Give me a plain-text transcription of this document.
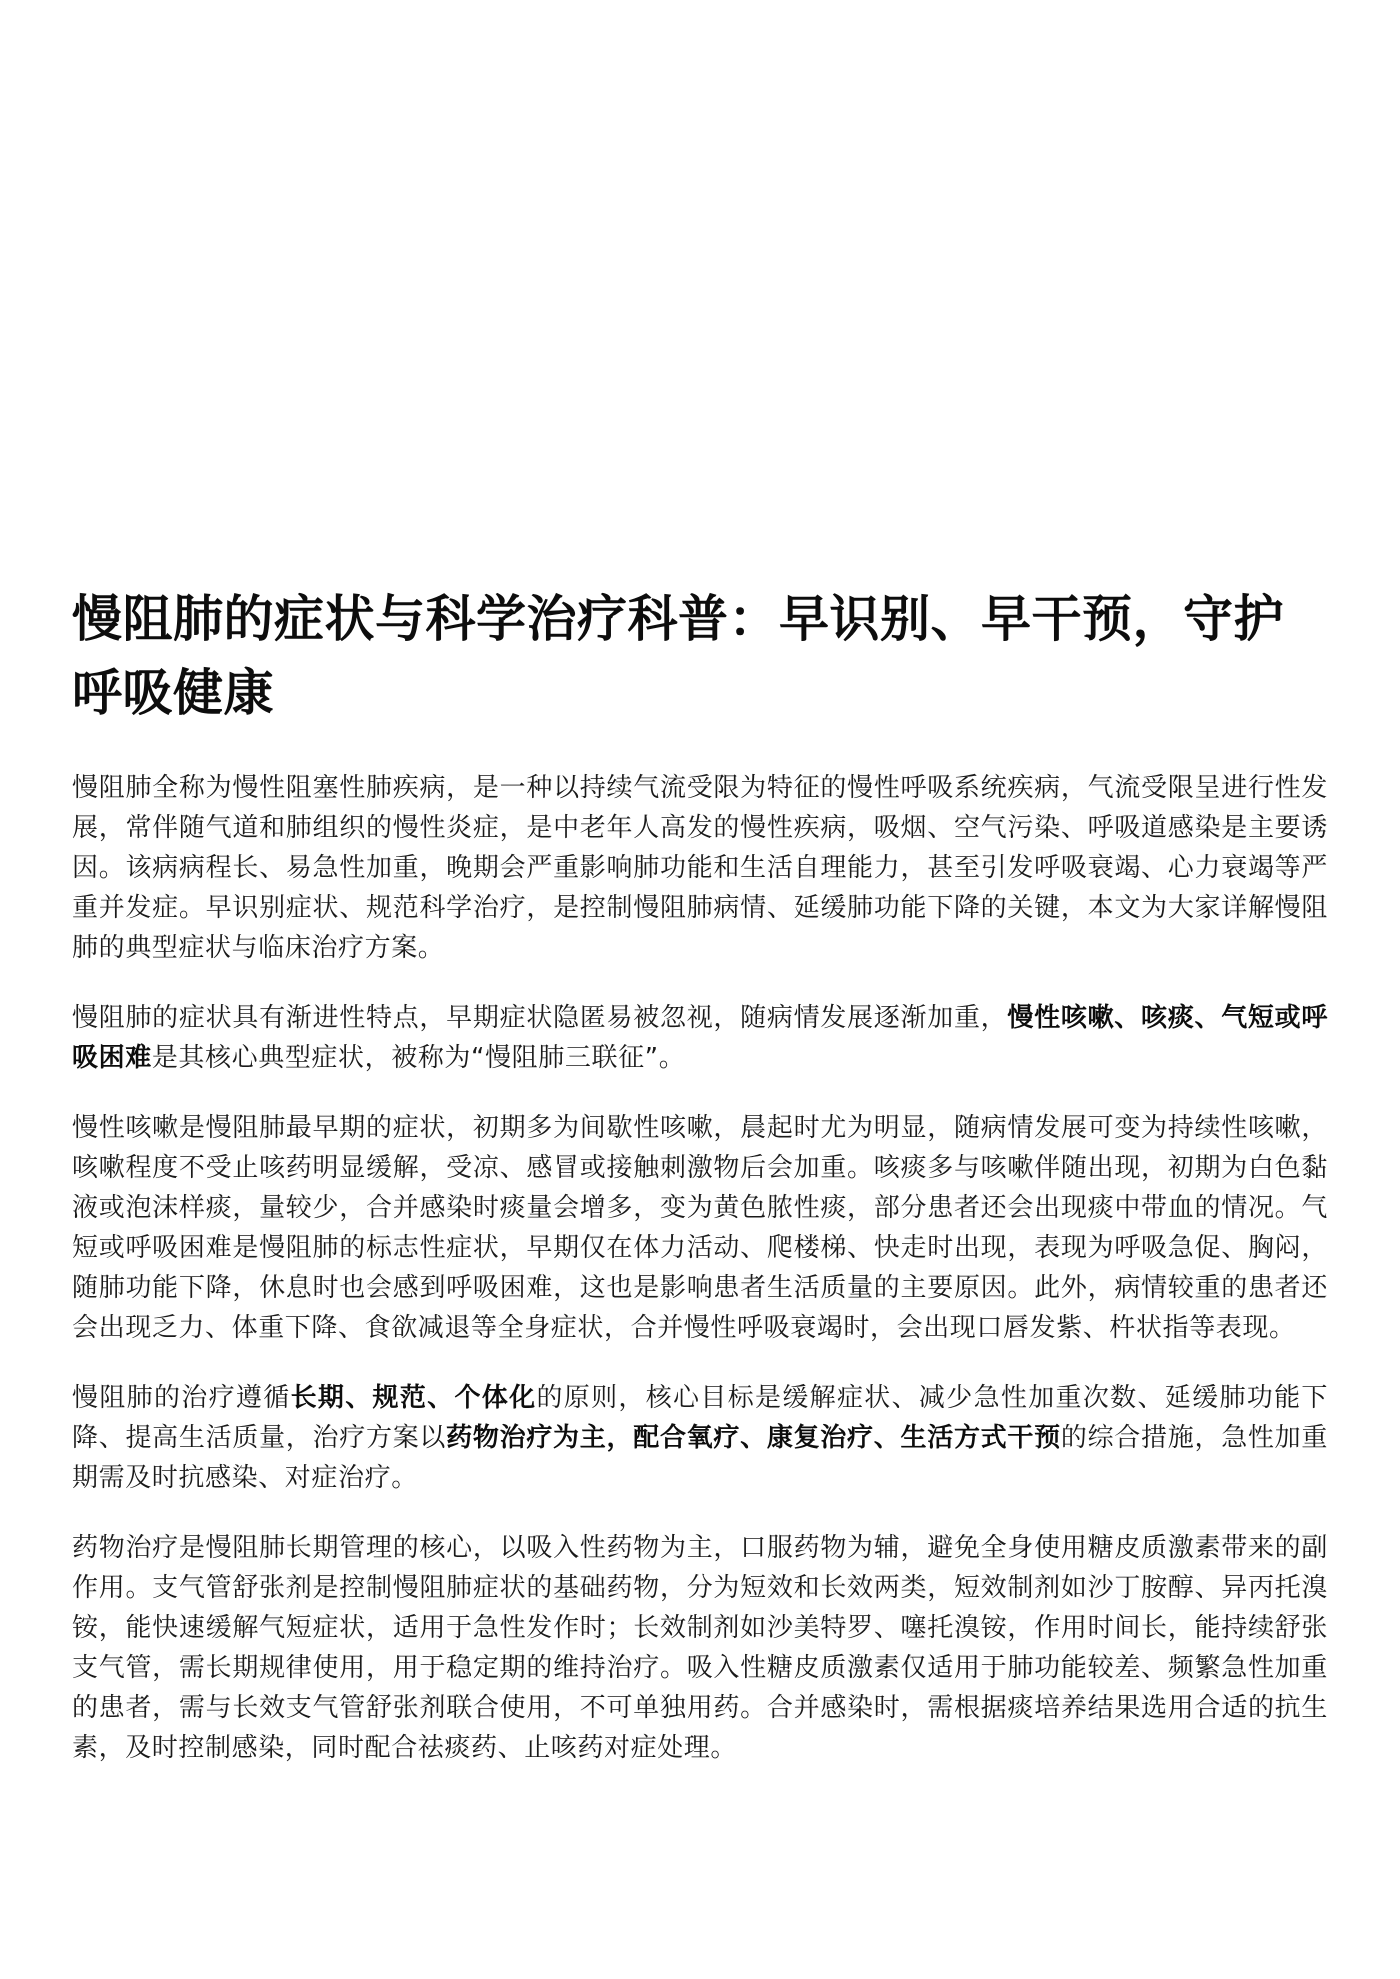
慢阻肺的症状与科学治疗科普：早识别、早干预，守护呼吸健康

慢阻肺全称为慢性阻塞性肺疾病，是一种以持续气流受限为特征的慢性呼吸系统疾病，气流受限呈进行性发展，常伴随气道和肺组织的慢性炎症，是中老年人高发的慢性疾病，吸烟、空气污染、呼吸道感染是主要诱因。该病病程长、易急性加重，晚期会严重影响肺功能和生活自理能力，甚至引发呼吸衰竭、心力衰竭等严重并发症。早识别症状、规范科学治疗，是控制慢阻肺病情、延缓肺功能下降的关键，本文为大家详解慢阻肺的典型症状与临床治疗方案。

慢阻肺的症状具有渐进性特点，早期症状隐匿易被忽视，随病情发展逐渐加重，慢性咳嗽、咳痰、气短或呼吸困难是其核心典型症状，被称为“慢阻肺三联征”。

慢性咳嗽是慢阻肺最早期的症状，初期多为间歇性咳嗽，晨起时尤为明显，随病情发展可变为持续性咳嗽，咳嗽程度不受止咳药明显缓解，受凉、感冒或接触刺激物后会加重。咳痰多与咳嗽伴随出现，初期为白色黏液或泡沫样痰，量较少，合并感染时痰量会增多，变为黄色脓性痰，部分患者还会出现痰中带血的情况。气短或呼吸困难是慢阻肺的标志性症状，早期仅在体力活动、爬楼梯、快走时出现，表现为呼吸急促、胸闷，随肺功能下降，休息时也会感到呼吸困难，这也是影响患者生活质量的主要原因。此外，病情较重的患者还会出现乏力、体重下降、食欲减退等全身症状，合并慢性呼吸衰竭时，会出现口唇发紫、杵状指等表现。

慢阻肺的治疗遵循长期、规范、个体化的原则，核心目标是缓解症状、减少急性加重次数、延缓肺功能下降、提高生活质量，治疗方案以药物治疗为主，配合氧疗、康复治疗、生活方式干预的综合措施，急性加重期需及时抗感染、对症治疗。

药物治疗是慢阻肺长期管理的核心，以吸入性药物为主，口服药物为辅，避免全身使用糖皮质激素带来的副作用。支气管舒张剂是控制慢阻肺症状的基础药物，分为短效和长效两类，短效制剂如沙丁胺醇、异丙托溴铵，能快速缓解气短症状，适用于急性发作时；长效制剂如沙美特罗、噻托溴铵，作用时间长，能持续舒张支气管，需长期规律使用，用于稳定期的维持治疗。吸入性糖皮质激素仅适用于肺功能较差、频繁急性加重的患者，需与长效支气管舒张剂联合使用，不可单独用药。合并感染时，需根据痰培养结果选用合适的抗生素，及时控制感染，同时配合祛痰药、止咳药对症处理。
